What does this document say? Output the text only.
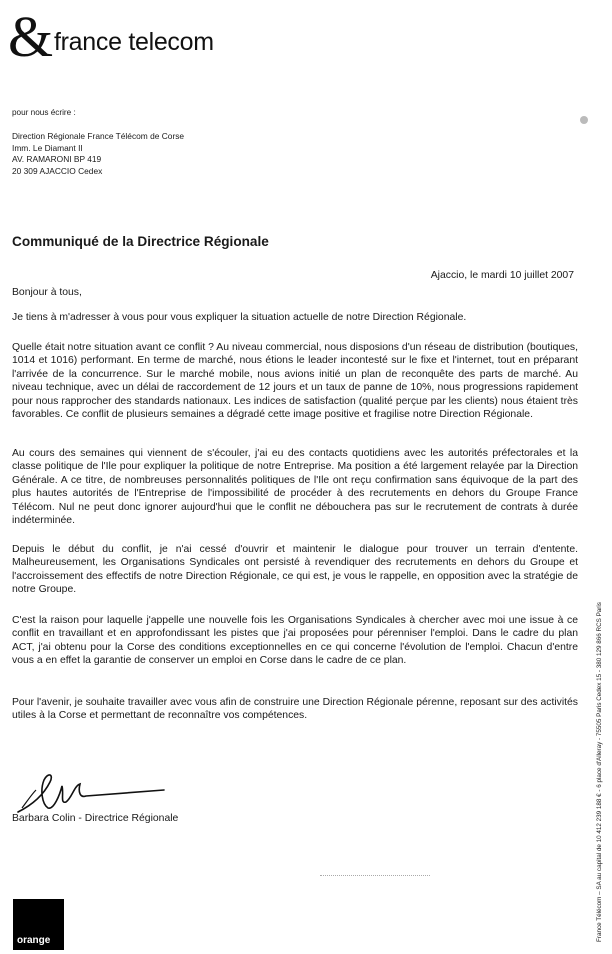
& france telecom
pour nous écrire :
Direction Régionale France Télécom de Corse
Imm. Le Diamant II
AV. RAMARONI BP 419
20 309 AJACCIO Cedex
Communiqué de la Directrice Régionale
Ajaccio, le mardi 10 juillet 2007
Bonjour à tous,
Je tiens à m'adresser à vous pour vous expliquer la situation actuelle de notre Direction Régionale.
Quelle était notre situation avant ce conflit ? Au niveau commercial, nous disposions d'un réseau de distribution (boutiques, 1014 et 1016) performant. En terme de marché, nous étions le leader incontesté sur le fixe et l'internet, tout en préparant l'arrivée de la concurrence. Sur le marché mobile, nous avions initié un plan de reconquête des parts de marché. Au niveau technique, avec un délai de raccordement de 12 jours et un taux de panne de 10%, nous progressions rapidement pour nous rapprocher des standards nationaux. Les indices de satisfaction (qualité perçue par les clients) nous étaient très favorables. Ce conflit de plusieurs semaines a dégradé cette image positive et fragilise notre Direction Régionale.
Au cours des semaines qui viennent de s'écouler, j'ai eu des contacts quotidiens avec les autorités préfectorales et la classe politique de l'Ile pour expliquer la politique de notre Entreprise. Ma position a été largement relayée par la Direction Générale. A ce titre, de nombreuses personnalités politiques de l'Ile ont reçu confirmation sans équivoque de la part des plus hautes autorités de l'Entreprise de l'impossibilité de procéder à des recrutements en dehors du Groupe France Télécom. Nul ne peut donc ignorer aujourd'hui que le conflit ne débouchera pas sur le recrutement de contrats à durée indéterminée.
Depuis le début du conflit, je n'ai cessé d'ouvrir et maintenir le dialogue pour trouver un terrain d'entente. Malheureusement, les Organisations Syndicales ont persisté à revendiquer des recrutements en dehors du Groupe et l'accroissement des effectifs de notre Direction Régionale, ce qui est, je vous le rappelle, en opposition avec la stratégie de notre Groupe.
C'est la raison pour laquelle j'appelle une nouvelle fois les Organisations Syndicales à chercher avec moi une issue à ce conflit en travaillant et en approfondissant les pistes que j'ai proposées pour pérenniser l'emploi. Dans le cadre du plan ACT, j'ai obtenu pour la Corse des conditions exceptionnelles en ce qui concerne l'évolution de l'emploi. Chacun d'entre vous a en effet la garantie de conserver un emploi en Corse dans le cadre de ce plan.
Pour l'avenir, je souhaite travailler avec vous afin de construire une Direction Régionale pérenne, reposant sur des activités utiles à la Corse et permettant de reconnaître vos compétences.
Barbara Colin - Directrice Régionale
orange	France Télécom – SA au capital de 10 412 239 188 € - 6 place d'Alleray - 75505 Paris Cedex 15 - 380 129 866 RCS Paris
